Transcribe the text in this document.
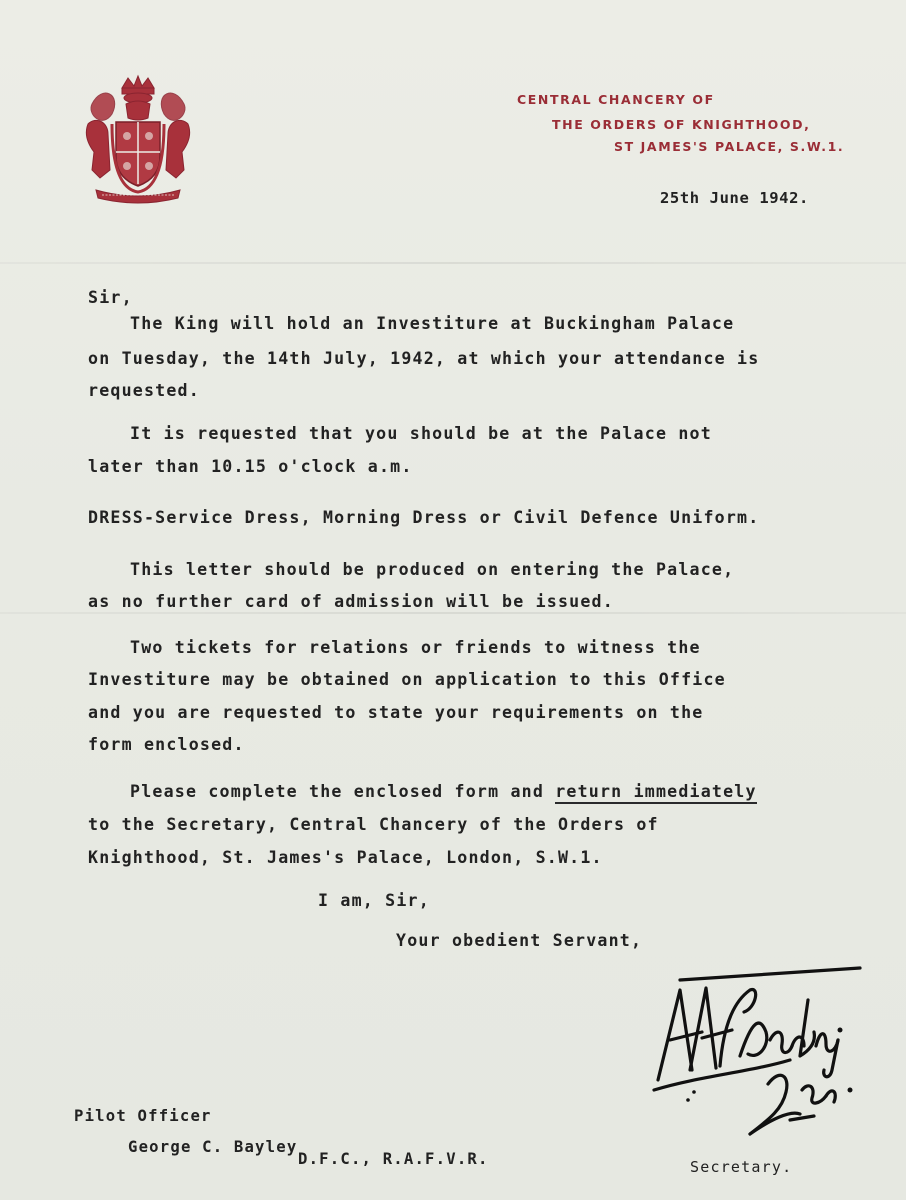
CENTRAL CHANCERY OF
THE ORDERS OF KNIGHTHOOD,
ST JAMES'S PALACE, S.W.1.
25th June 1942.
Sir,
The King will hold an Investiture at Buckingham Palace
on Tuesday, the 14th July, 1942, at which your attendance is
requested.
It is requested that you should be at the Palace not
later than 10.15 o'clock a.m.
DRESS-Service Dress, Morning Dress or Civil Defence Uniform.
This letter should be produced on entering the Palace,
as no further card of admission will be issued.
Two tickets for relations or friends to witness the
Investiture may be obtained on application to this Office
and you are requested to state your requirements on the
form enclosed.
Please complete the enclosed form and return immediately
to the Secretary, Central Chancery of the Orders of
Knighthood, St. James's Palace, London, S.W.1.
I am, Sir,
Your obedient Servant,
Pilot Officer
George C. Bayley
D.F.C., R.A.F.V.R.	Secretary.
